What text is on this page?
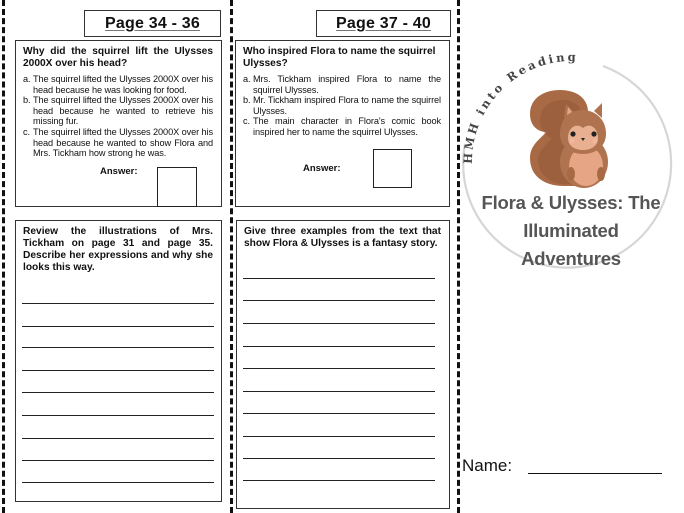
Page 34 - 36

Why did the squirrel lift the Ulysses 2000X over his head?

a. The squirrel lifted the Ulysses 2000X over his head because he was looking for food.
b. The squirrel lifted the Ulysses 2000X over his head because he wanted to retrieve his missing fur.
c. The squirrel lifted the Ulysses 2000X over his head because he wanted to show Flora and Mrs. Tickham how strong he was.
Answer:

Review the illustrations of Mrs. Tickham on page 31 and page 35. Describe her expressions and why she looks this way.

Page 37 - 40

Who inspired Flora to name the squirrel Ulysses?

a. Mrs. Tickham inspired Flora to name the squirrel Ulysses.
b. Mr. Tickham inspired Flora to name the squirrel Ulysses.
c. The main character in Flora's comic book inspired her to name the squirrel Ulysses.
Answer:

Give three examples from the text that show Flora & Ulysses is a fantasy story.

HMH into Reading
Flora & Ulysses: The
Illuminated
Adventures
Name:
